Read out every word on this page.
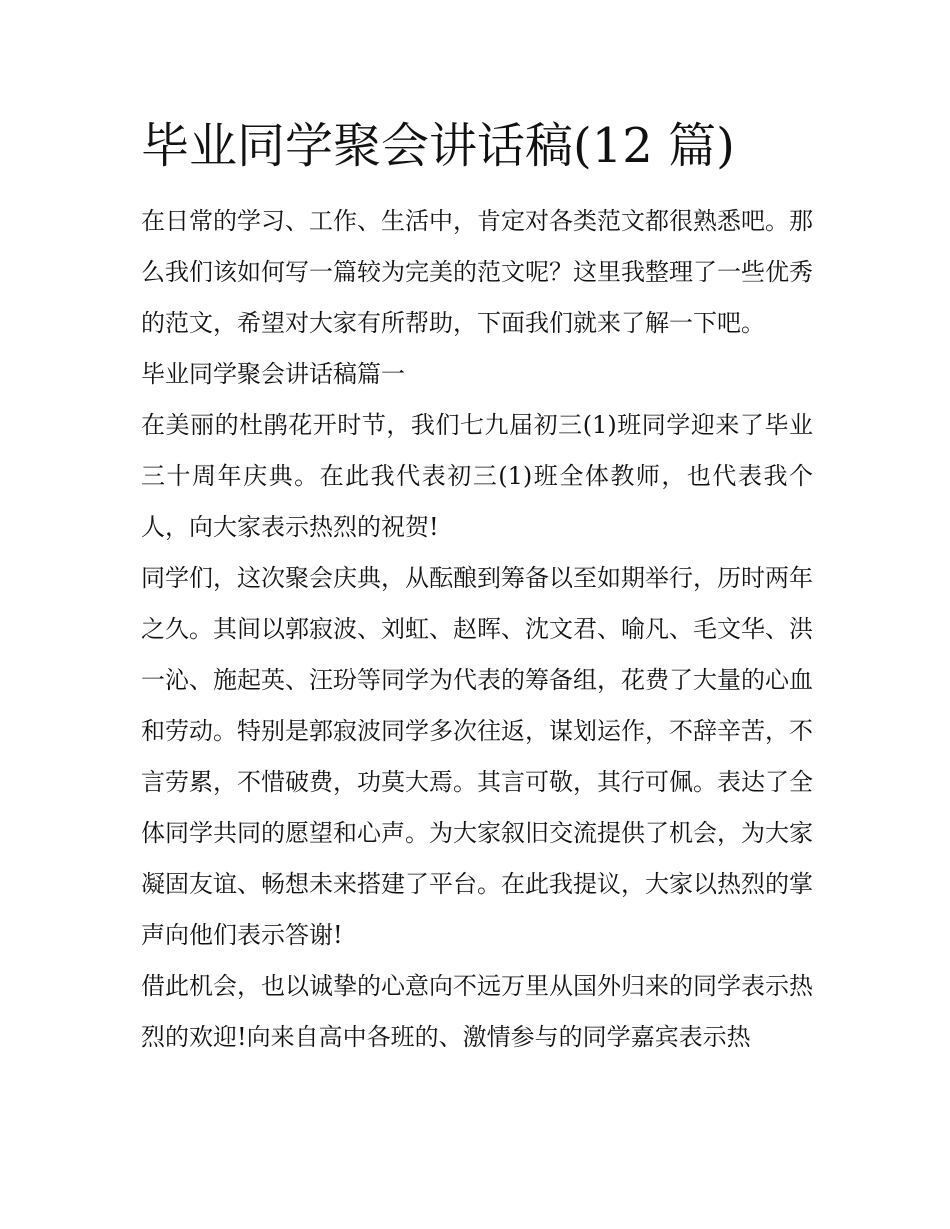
毕业同学聚会讲话稿(12 篇)

在日常的学习、工作、生活中，肯定对各类范文都很熟悉吧。那么我们该如何写一篇较为完美的范文呢？这里我整理了一些优秀的范文，希望对大家有所帮助，下面我们就来了解一下吧。

毕业同学聚会讲话稿篇一

在美丽的杜鹃花开时节，我们七九届初三(1)班同学迎来了毕业三十周年庆典。在此我代表初三(1)班全体教师，也代表我个人，向大家表示热烈的祝贺!

同学们，这次聚会庆典，从酝酿到筹备以至如期举行，历时两年之久。其间以郭寂波、刘虹、赵晖、沈文君、喻凡、毛文华、洪一沁、施起英、汪玢等同学为代表的筹备组，花费了大量的心血和劳动。特别是郭寂波同学多次往返，谋划运作，不辞辛苦，不言劳累，不惜破费，功莫大焉。其言可敬，其行可佩。表达了全体同学共同的愿望和心声。为大家叙旧交流提供了机会，为大家凝固友谊、畅想未来搭建了平台。在此我提议，大家以热烈的掌声向他们表示答谢!

借此机会，也以诚挚的心意向不远万里从国外归来的同学表示热烈的欢迎!向来自高中各班的、激情参与的同学嘉宾表示热
